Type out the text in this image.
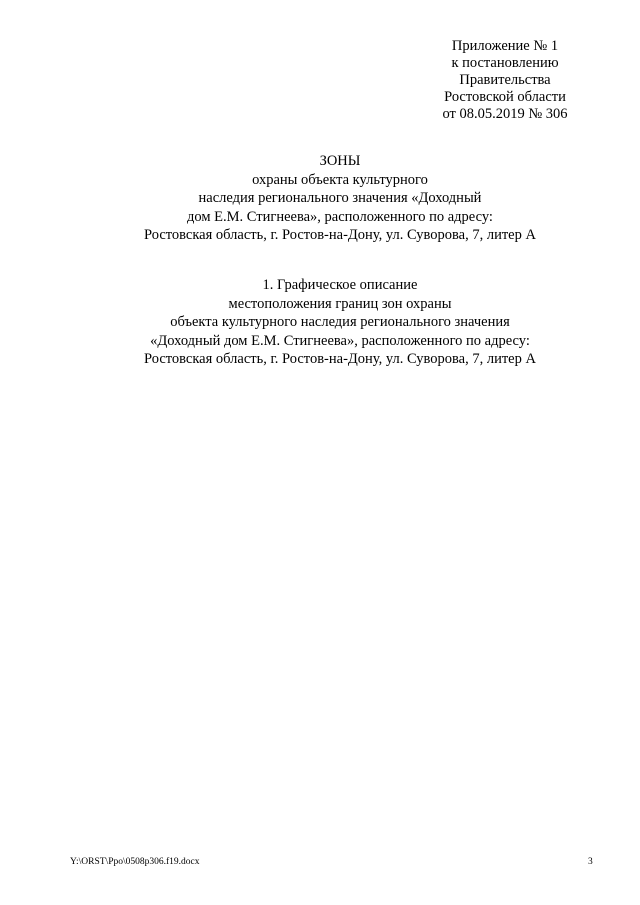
Приложение № 1
к постановлению
Правительства
Ростовской области
от 08.05.2019 № 306
ЗОНЫ
охраны объекта культурного
наследия регионального значения «Доходный
дом Е.М. Стигнеева», расположенного по адресу:
Ростовская область, г. Ростов-на-Дону, ул. Суворова, 7, литер А
1. Графическое описание
местоположения границ зон охраны
объекта культурного наследия регионального значения
«Доходный дом Е.М. Стигнеева», расположенного по адресу:
Ростовская область, г. Ростов-на-Дону, ул. Суворова, 7, литер А
Y:\ORST\Ppo\0508p306.f19.docx	3
